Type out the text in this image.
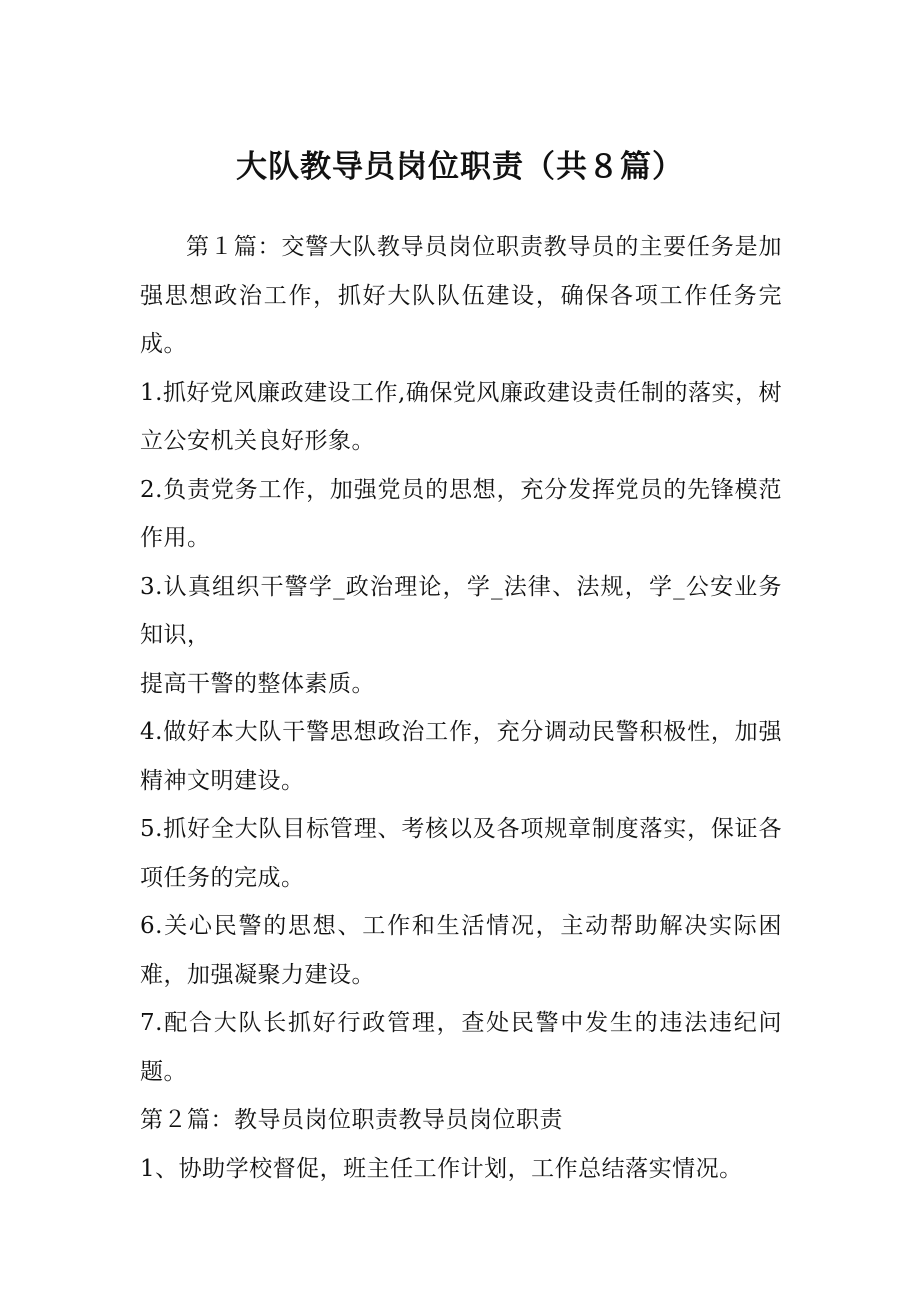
大队教导员岗位职责（共８篇）

第１篇：交警大队教导员岗位职责教导员的主要任务是加强思想政治工作，抓好大队队伍建设，确保各项工作任务完成。

1.抓好党风廉政建设工作,确保党风廉政建设责任制的落实，树立公安机关良好形象。

2.负责党务工作，加强党员的思想，充分发挥党员的先锋模范作用。

3.认真组织干警学_政治理论，学_法律、法规，学_公安业务知识，

提高干警的整体素质。

4.做好本大队干警思想政治工作，充分调动民警积极性，加强精神文明建设。

5.抓好全大队目标管理、考核以及各项规章制度落实，保证各项任务的完成。

6.关心民警的思想、工作和生活情况，主动帮助解决实际困难，加强凝聚力建设。

7.配合大队长抓好行政管理，查处民警中发生的违法违纪问题。

第２篇：教导员岗位职责教导员岗位职责

1、协助学校督促，班主任工作计划，工作总结落实情况。
